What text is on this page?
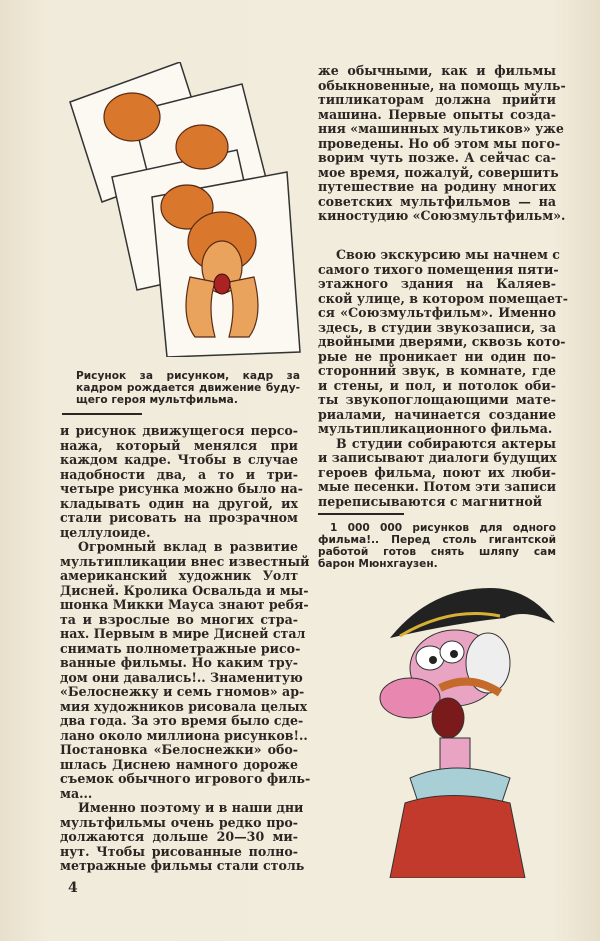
Рисунок за рисунком, кадр за
кадром рождается движение буду-
щего героя мультфильма.
и рисунок движущегося персо-
нажа, который менялся при
каждом кадре. Чтобы в случае
надобности два, а то и три-
четыре рисунка можно было на-
кладывать один на другой, их
стали рисовать на прозрачном
целлулоиде.
Огромный вклад в развитие
мультипликации внес известный
американский художник Уолт
Дисней. Кролика Освальда и мы-
шонка Микки Мауса знают ребя-
та и взрослые во многих стра-
нах. Первым в мире Дисней стал
снимать полнометражные рисо-
ванные фильмы. Но каким тру-
дом они давались!.. Знаменитую
«Белоснежку и семь гномов» ар-
мия художников рисовала целых
два года. За это время было сде-
лано около миллиона рисунков!..
Постановка «Белоснежки» обо-
шлась Диснею намного дороже
съемок обычного игрового филь-
ма...
Именно поэтому и в наши дни
мультфильмы очень редко про-
должаются дольше 20—30 ми-
нут. Чтобы рисованные полно-
метражные фильмы стали столь
же обычными, как и фильмы
обыкновенные, на помощь муль-
типликаторам должна прийти
машина. Первые опыты созда-
ния «машинных мультиков» уже
проведены. Но об этом мы пого-
ворим чуть позже. А сейчас са-
мое время, пожалуй, совершить
путешествие на родину многих
советских мультфильмов — на
киностудию «Союзмультфильм».
Свою экскурсию мы начнем с
самого тихого помещения пяти-
этажного здания на Каляев-
ской улице, в котором помещает-
ся «Союзмультфильм». Именно
здесь, в студии звукозаписи, за
двойными дверями, сквозь кото-
рые не проникает ни один по-
сторонний звук, в комнате, где
и стены, и пол, и потолок оби-
ты звукопоглощающими мате-
риалами, начинается создание
мультипликационного фильма.
В студии собираются актеры
и записывают диалоги будущих
героев фильма, поют их люби-
мые песенки. Потом эти записи
переписываются с магнитной
1 000 000 рисунков для одного
фильма!.. Перед столь гигантской
работой готов снять шляпу сам
барон Мюнхгаузен.
4
